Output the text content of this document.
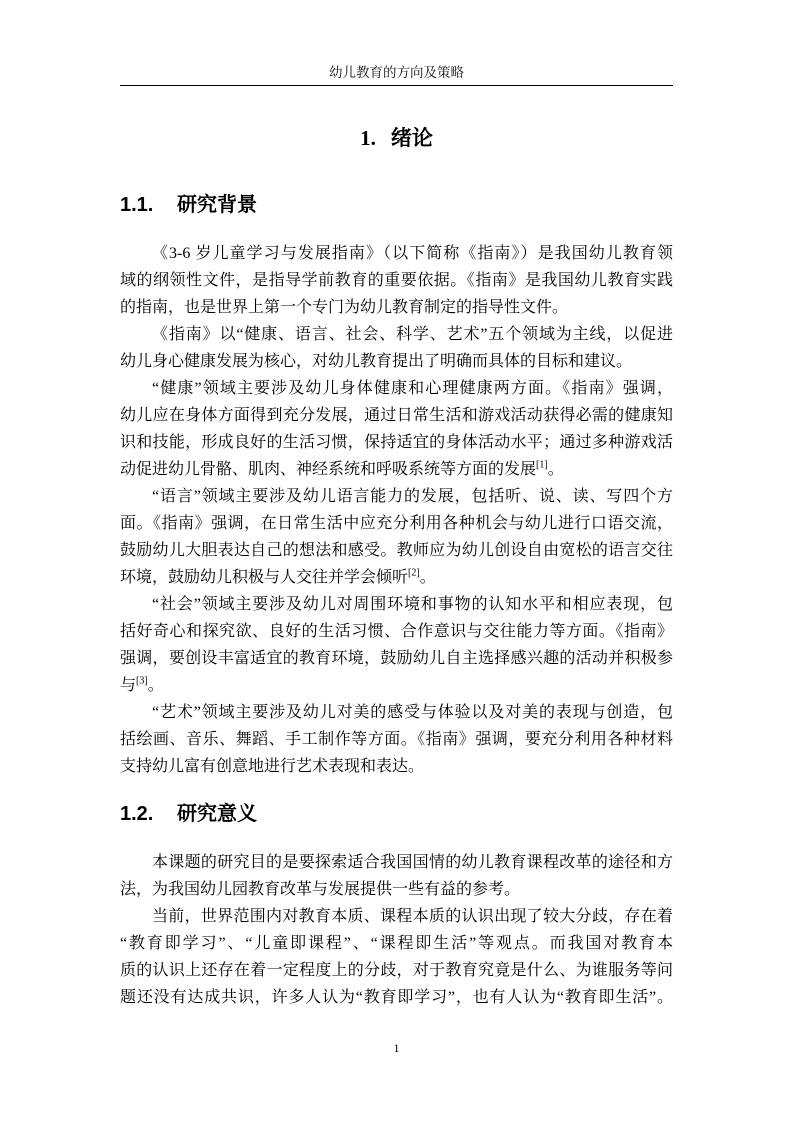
幼儿教育的方向及策略
1. 绪论
1.1. 研究背景
《3-6 岁儿童学习与发展指南》（以下简称《指南》）是我国幼儿教育领
域的纲领性文件，是指导学前教育的重要依据。《指南》是我国幼儿教育实践
的指南，也是世界上第一个专门为幼儿教育制定的指导性文件。
《指南》以“健康、语言、社会、科学、艺术”五个领域为主线，以促进
幼儿身心健康发展为核心，对幼儿教育提出了明确而具体的目标和建议。
“健康”领域主要涉及幼儿身体健康和心理健康两方面。《指南》强调，
幼儿应在身体方面得到充分发展，通过日常生活和游戏活动获得必需的健康知
识和技能，形成良好的生活习惯，保持适宜的身体活动水平；通过多种游戏活
动促进幼儿骨骼、肌肉、神经系统和呼吸系统等方面的发展[1]。
“语言”领域主要涉及幼儿语言能力的发展，包括听、说、读、写四个方
面。《指南》强调，在日常生活中应充分利用各种机会与幼儿进行口语交流，
鼓励幼儿大胆表达自己的想法和感受。教师应为幼儿创设自由宽松的语言交往
环境，鼓励幼儿积极与人交往并学会倾听[2]。
“社会”领域主要涉及幼儿对周围环境和事物的认知水平和相应表现，包
括好奇心和探究欲、良好的生活习惯、合作意识与交往能力等方面。《指南》
强调，要创设丰富适宜的教育环境，鼓励幼儿自主选择感兴趣的活动并积极参
与[3]。
“艺术”领域主要涉及幼儿对美的感受与体验以及对美的表现与创造，包
括绘画、音乐、舞蹈、手工制作等方面。《指南》强调，要充分利用各种材料
支持幼儿富有创意地进行艺术表现和表达。
1.2. 研究意义
本课题的研究目的是要探索适合我国国情的幼儿教育课程改革的途径和方
法，为我国幼儿园教育改革与发展提供一些有益的参考。
当前，世界范围内对教育本质、课程本质的认识出现了较大分歧，存在着
“教育即学习”、“儿童即课程”、“课程即生活”等观点。而我国对教育本
质的认识上还存在着一定程度上的分歧，对于教育究竟是什么、为谁服务等问
题还没有达成共识，许多人认为“教育即学习”，也有人认为“教育即生活”。
1
